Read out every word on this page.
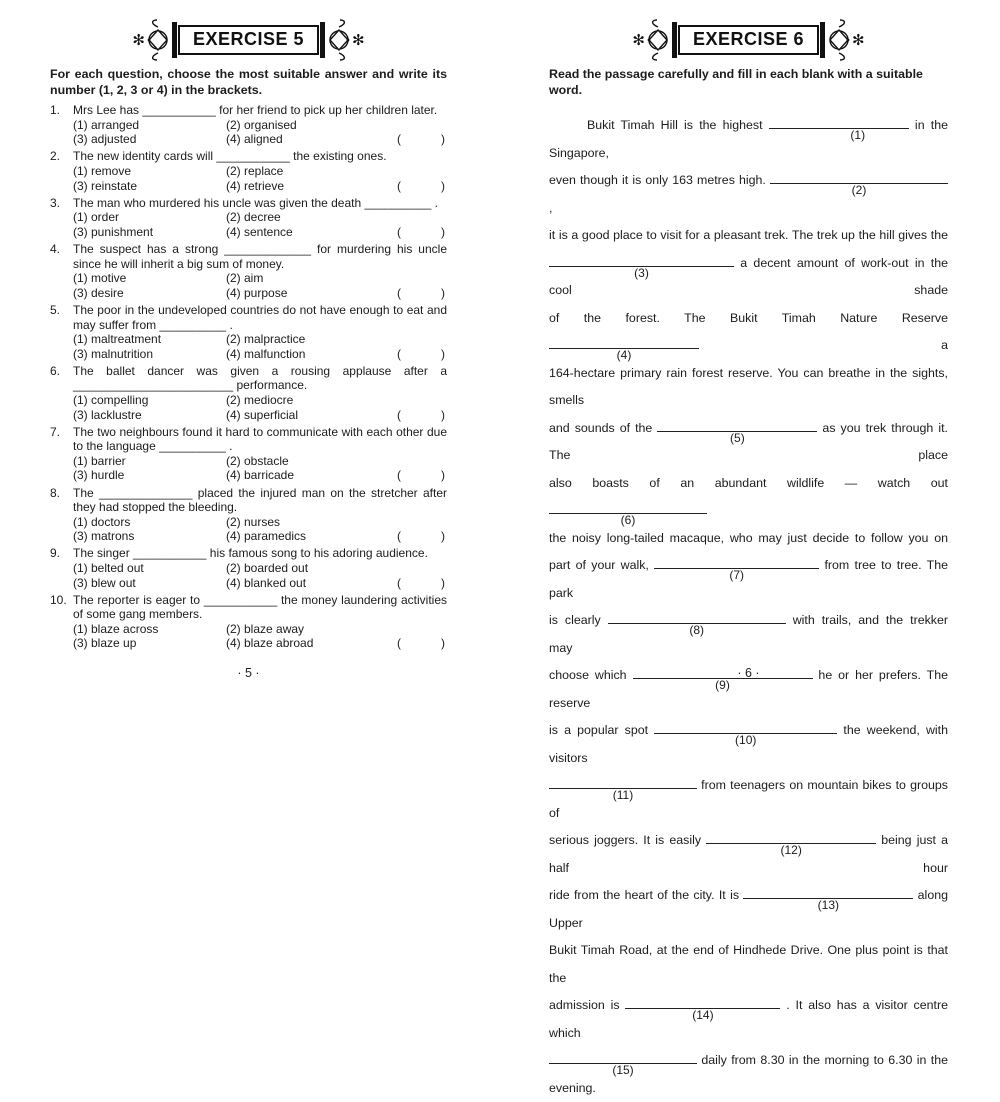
✻	EXERCISE 5	✻

For each question, choose the most suitable answer and write its number (1, 2, 3 or 4) in the brackets.

1.	Mrs Lee has ___________ for her friend to pick up her children later.
(1) arranged	(2) organised
(3) adjusted	(4) aligned	(	)
2.	The new identity cards will ___________ the existing ones.
(1) remove	(2) replace
(3) reinstate	(4) retrieve	(	)
3.	The man who murdered his uncle was given the death __________ .
(1) order	(2) decree
(3) punishment	(4) sentence	(	)
4.	The suspect has a strong _____________ for murdering his uncle since he will inherit a big sum of money.
(1) motive	(2) aim
(3) desire	(4) purpose	(	)
5.	The poor in the undeveloped countries do not have enough to eat and may suffer from __________ .
(1) maltreatment	(2) malpractice
(3) malnutrition	(4) malfunction	(	)
6.	The ballet dancer was given a rousing applause after a ________________________ performance.
(1) compelling	(2) mediocre
(3) lacklustre	(4) superficial	(	)
7.	The two neighbours found it hard to communicate with each other due to the language __________ .
(1) barrier	(2) obstacle
(3) hurdle	(4) barricade	(	)
8.	The ______________ placed the injured man on the stretcher after they had stopped the bleeding.
(1) doctors	(2) nurses
(3) matrons	(4) paramedics	(	)
9.	The singer ___________ his famous song to his adoring audience.
(1) belted out	(2) boarded out
(3) blew out	(4) blanked out	(	)
10. The reporter is eager to ___________ the money laundering activities of some gang members.
(1) blaze across	(2) blaze away
(3) blaze up	(4) blaze abroad	(	)
· 5 ·
✻	EXERCISE 6	✻

Read the passage carefully and fill in each blank with a suitable word.

Bukit Timah Hill is the highest
(1)
in the Singapore,
even though it is only 163 metres high.
(2)
,
it is a good place to visit for a pleasant trek. The trek up the hill gives the
(3)
a decent amount of work-out in the cool shade
of the forest. The Bukit Timah Nature Reserve
(4)
a
164-hectare primary rain forest reserve. You can breathe in the sights, smells
and sounds of the
(5)
as you trek through it. The place
also boasts of an abundant wildlife — watch out
(6)
the noisy long-tailed macaque, who may just decide to follow you on
part of your walk,
(7)
from tree to tree. The park
is clearly
(8)
with trails, and the trekker may
choose which
(9)
he or her prefers. The reserve
is a popular spot
(10)
the weekend, with visitors
(11)
from teenagers on mountain bikes to groups of
serious joggers. It is easily
(12)
being just a half hour
ride from the heart of the city. It is
(13)
along Upper
Bukit Timah Road, at the end of Hindhede Drive. One plus point is that the
admission is
(14)
. It also has a visitor centre which
(15)
daily from 8.30 in the morning to 6.30 in the
evening.
· 6 ·
